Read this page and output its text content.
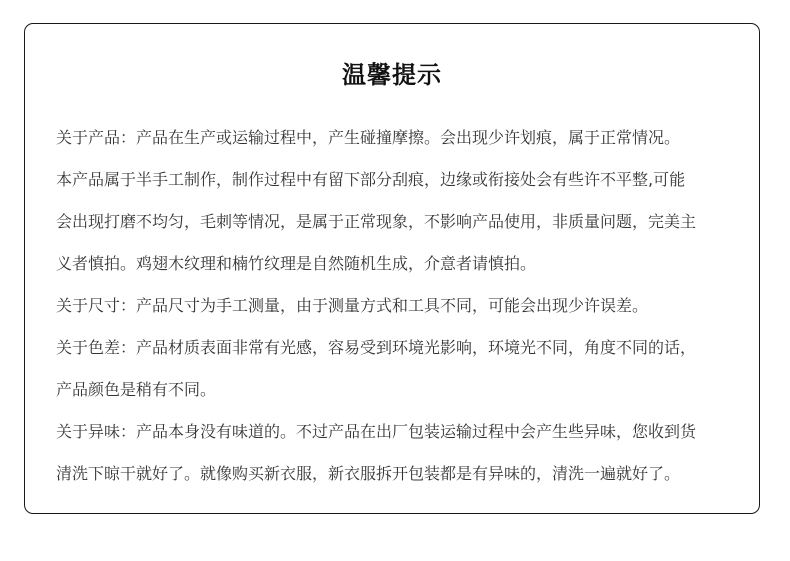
温馨提示
关于产品：产品在生产或运输过程中，产生碰撞摩擦。会出现少许划痕，属于正常情况。
本产品属于半手工制作，制作过程中有留下部分刮痕，边缘或衔接处会有些许不平整,可能
会出现打磨不均匀，毛刺等情况，是属于正常现象，不影响产品使用，非质量问题，完美主
义者慎拍。鸡翅木纹理和楠竹纹理是自然随机生成，介意者请慎拍。
关于尺寸：产品尺寸为手工测量，由于测量方式和工具不同，可能会出现少许误差。
关于色差：产品材质表面非常有光感，容易受到环境光影响，环境光不同，角度不同的话，
产品颜色是稍有不同。
关于异味：产品本身没有味道的。不过产品在出厂包装运输过程中会产生些异味，您收到货
清洗下晾干就好了。就像购买新衣服，新衣服拆开包装都是有异味的，清洗一遍就好了。
